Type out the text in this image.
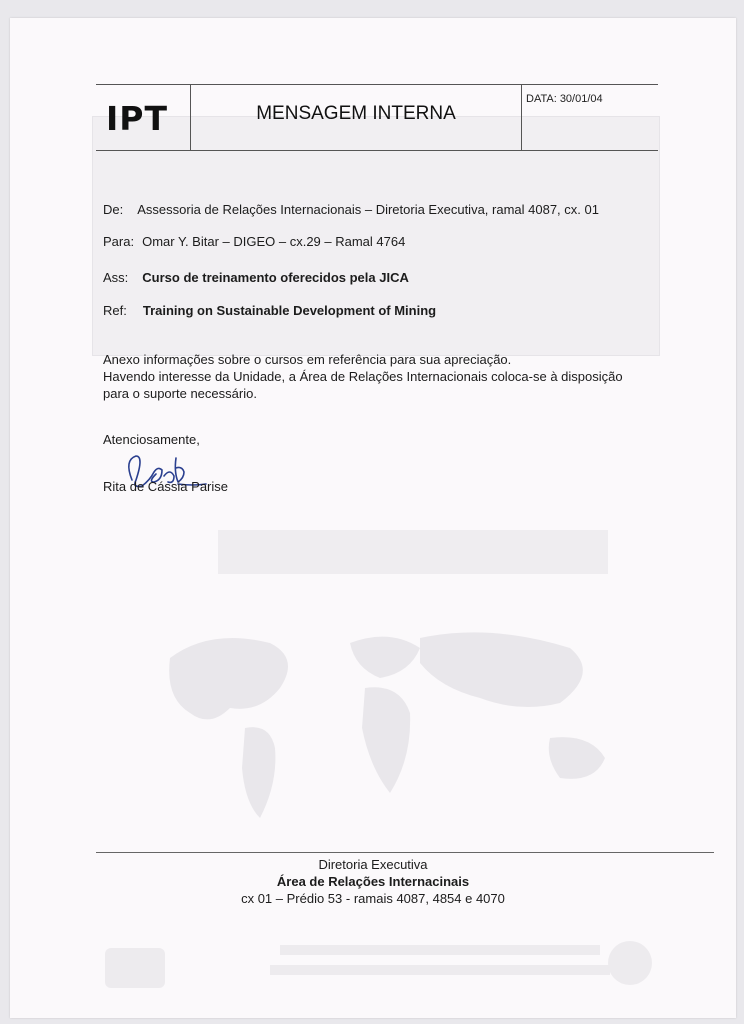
IPT	MENSAGEM INTERNA
DATA: 30/01/04
De: Assessoria de Relações Internacionais – Diretoria Executiva, ramal 4087, cx. 01
Para: Omar Y. Bitar – DIGEO – cx.29 – Ramal 4764
Ass: Curso de treinamento oferecidos pela JICA
Ref: Training on Sustainable Development of Mining
Anexo informações sobre o cursos em referência para sua apreciação.
Havendo interesse da Unidade, a Área de Relações Internacionais coloca-se à disposição
para o suporte necessário.
Atenciosamente,
Rita de Cássia Parise
Diretoria Executiva
Área de Relações Internacinais
cx 01 – Prédio 53 - ramais 4087, 4854 e 4070
